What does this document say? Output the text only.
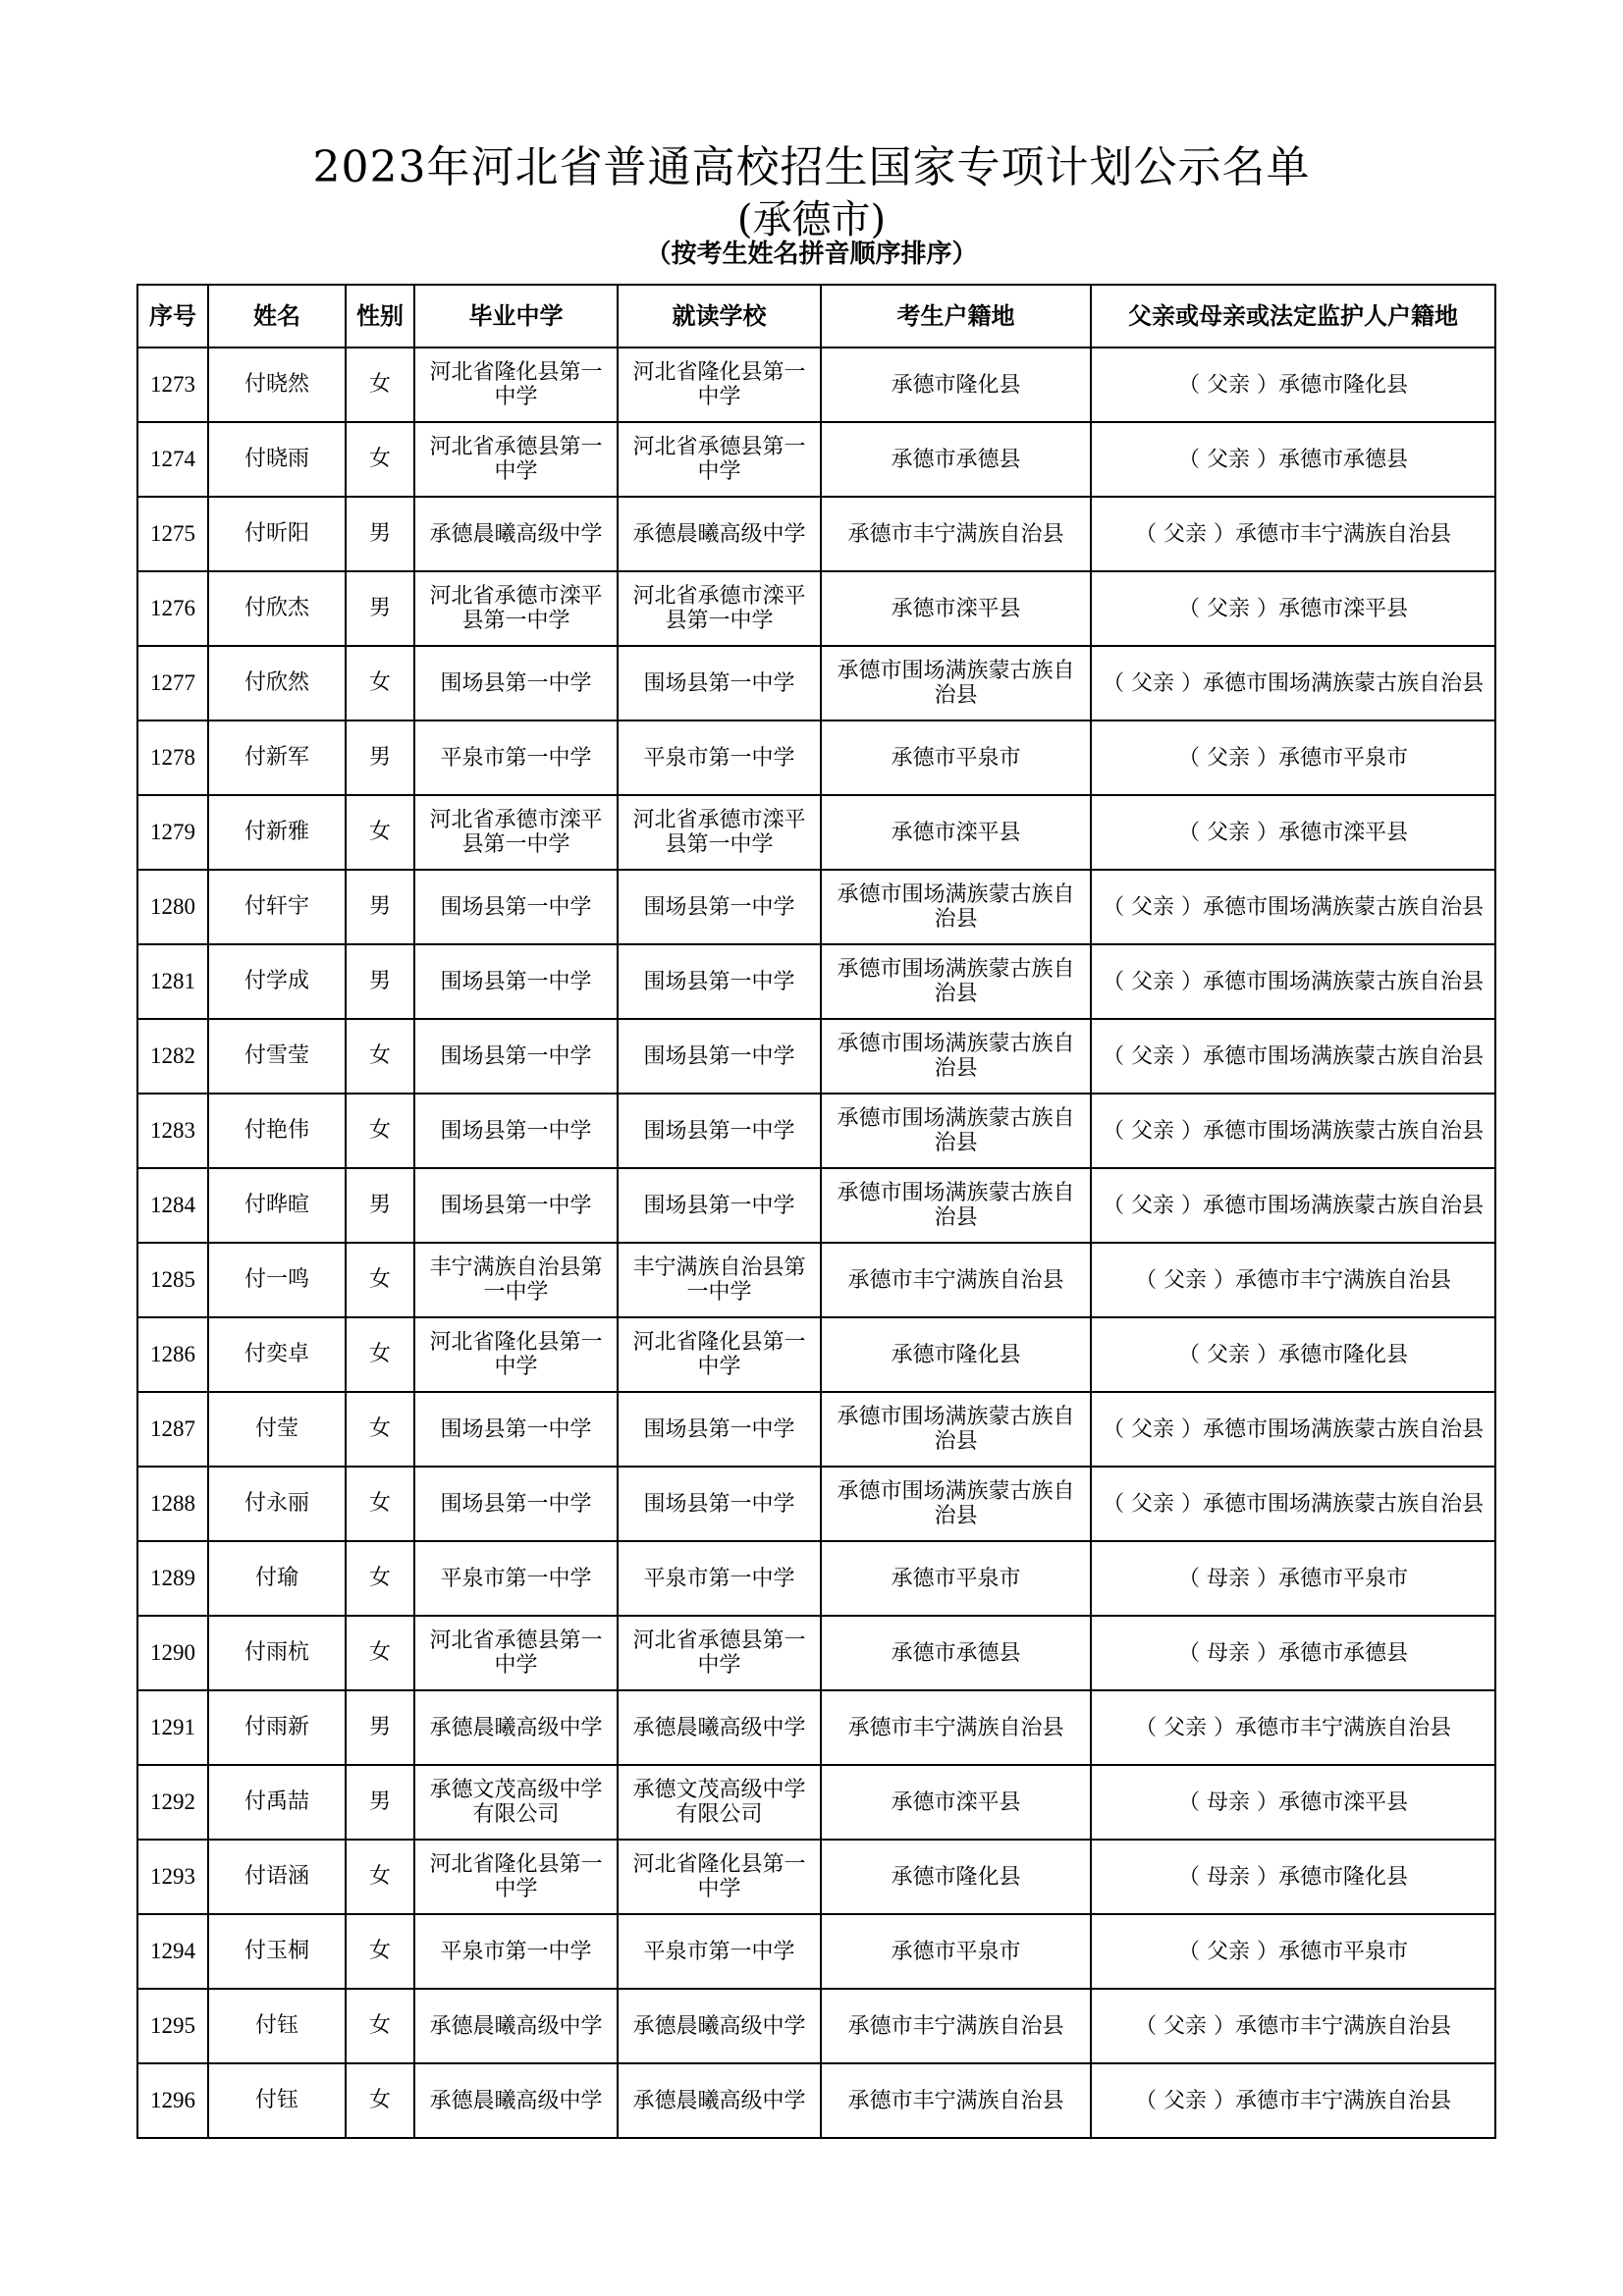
2023年河北省普通高校招生国家专项计划公示名单
(承德市)
（按考生姓名拼音顺序排序）
序号	姓名	性别	毕业中学	就读学校	考生户籍地	父亲或母亲或法定监护人户籍地
1273	付晓然	女	河北省隆化县第一中学	河北省隆化县第一中学	承德市隆化县	（ 父亲 ）承德市隆化县
1274	付晓雨	女	河北省承德县第一中学	河北省承德县第一中学	承德市承德县	（ 父亲 ）承德市承德县
1275	付昕阳	男	承德晨曦高级中学	承德晨曦高级中学	承德市丰宁满族自治县	（ 父亲 ）承德市丰宁满族自治县
1276	付欣杰	男	河北省承德市滦平县第一中学	河北省承德市滦平县第一中学	承德市滦平县	（ 父亲 ）承德市滦平县
1277	付欣然	女	围场县第一中学	围场县第一中学	承德市围场满族蒙古族自治县	（ 父亲 ）承德市围场满族蒙古族自治县
1278	付新军	男	平泉市第一中学	平泉市第一中学	承德市平泉市	（ 父亲 ）承德市平泉市
1279	付新雅	女	河北省承德市滦平县第一中学	河北省承德市滦平县第一中学	承德市滦平县	（ 父亲 ）承德市滦平县
1280	付轩宇	男	围场县第一中学	围场县第一中学	承德市围场满族蒙古族自治县	（ 父亲 ）承德市围场满族蒙古族自治县
1281	付学成	男	围场县第一中学	围场县第一中学	承德市围场满族蒙古族自治县	（ 父亲 ）承德市围场满族蒙古族自治县
1282	付雪莹	女	围场县第一中学	围场县第一中学	承德市围场满族蒙古族自治县	（ 父亲 ）承德市围场满族蒙古族自治县
1283	付艳伟	女	围场县第一中学	围场县第一中学	承德市围场满族蒙古族自治县	（ 父亲 ）承德市围场满族蒙古族自治县
1284	付晔暄	男	围场县第一中学	围场县第一中学	承德市围场满族蒙古族自治县	（ 父亲 ）承德市围场满族蒙古族自治县
1285	付一鸣	女	丰宁满族自治县第一中学	丰宁满族自治县第一中学	承德市丰宁满族自治县	（ 父亲 ）承德市丰宁满族自治县
1286	付奕卓	女	河北省隆化县第一中学	河北省隆化县第一中学	承德市隆化县	（ 父亲 ）承德市隆化县
1287	付莹	女	围场县第一中学	围场县第一中学	承德市围场满族蒙古族自治县	（ 父亲 ）承德市围场满族蒙古族自治县
1288	付永丽	女	围场县第一中学	围场县第一中学	承德市围场满族蒙古族自治县	（ 父亲 ）承德市围场满族蒙古族自治县
1289	付瑜	女	平泉市第一中学	平泉市第一中学	承德市平泉市	（ 母亲 ）承德市平泉市
1290	付雨杭	女	河北省承德县第一中学	河北省承德县第一中学	承德市承德县	（ 母亲 ）承德市承德县
1291	付雨新	男	承德晨曦高级中学	承德晨曦高级中学	承德市丰宁满族自治县	（ 父亲 ）承德市丰宁满族自治县
1292	付禹喆	男	承德文茂高级中学有限公司	承德文茂高级中学有限公司	承德市滦平县	（ 母亲 ）承德市滦平县
1293	付语涵	女	河北省隆化县第一中学	河北省隆化县第一中学	承德市隆化县	（ 母亲 ）承德市隆化县
1294	付玉桐	女	平泉市第一中学	平泉市第一中学	承德市平泉市	（ 父亲 ）承德市平泉市
1295	付钰	女	承德晨曦高级中学	承德晨曦高级中学	承德市丰宁满族自治县	（ 父亲 ）承德市丰宁满族自治县
1296	付钰	女	承德晨曦高级中学	承德晨曦高级中学	承德市丰宁满族自治县	（ 父亲 ）承德市丰宁满族自治县
